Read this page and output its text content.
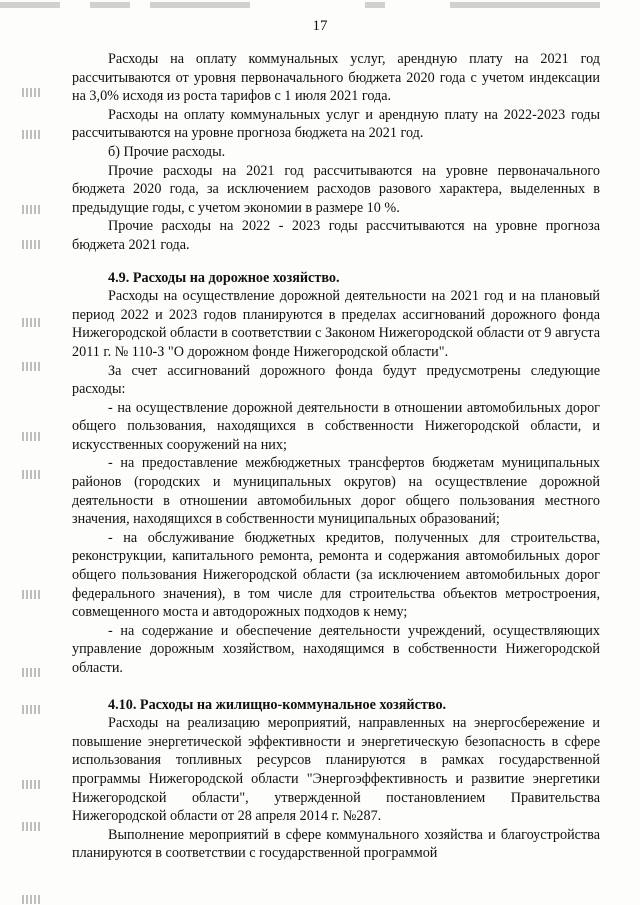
17

Расходы на оплату коммунальных услуг, арендную плату на 2021 год рассчитываются от уровня первоначального бюджета 2020 года с учетом индексации на 3,0% исходя из роста тарифов с 1 июля 2021 года.

Расходы на оплату коммунальных услуг и арендную плату на 2022-2023 годы рассчитываются на уровне прогноза бюджета на 2021 год.

б) Прочие расходы.

Прочие расходы на 2021 год рассчитываются на уровне первоначального бюджета 2020 года, за исключением расходов разового характера, выделенных в предыдущие годы, с учетом экономии в размере 10 %.

Прочие расходы на 2022 - 2023 годы рассчитываются на уровне прогноза бюджета 2021 года.

4.9. Расходы на дорожное хозяйство.

Расходы на осуществление дорожной деятельности на 2021 год и на плановый период 2022 и 2023 годов планируются в пределах ассигнований дорожного фонда Нижегородской области в соответствии с Законом Нижегородской области от 9 августа 2011 г. № 110-З "О дорожном фонде Нижегородской области".

За счет ассигнований дорожного фонда будут предусмотрены следующие расходы:

- на осуществление дорожной деятельности в отношении автомобильных дорог общего пользования, находящихся в собственности Нижегородской области, и искусственных сооружений на них;

- на предоставление межбюджетных трансфертов бюджетам муниципальных районов (городских и муниципальных округов) на осуществление дорожной деятельности в отношении автомобильных дорог общего пользования местного значения, находящихся в собственности муниципальных образований;

- на обслуживание бюджетных кредитов, полученных для строительства, реконструкции, капитального ремонта, ремонта и содержания автомобильных дорог общего пользования Нижегородской области (за исключением автомобильных дорог федерального значения), в том числе для строительства объектов метростроения, совмещенного моста и автодорожных подходов к нему;

- на содержание и обеспечение деятельности учреждений, осуществляющих управление дорожным хозяйством, находящимся в собственности Нижегородской области.

4.10. Расходы на жилищно-коммунальное хозяйство.

Расходы на реализацию мероприятий, направленных на энергосбережение и повышение энергетической эффективности и энергетическую безопасность в сфере использования топливных ресурсов планируются в рамках государственной программы Нижегородской области "Энергоэффективность и развитие энергетики Нижегородской области", утвержденной постановлением Правительства Нижегородской области от 28 апреля 2014 г. №287.

Выполнение мероприятий в сфере коммунального хозяйства и благоустройства планируются в соответствии с государственной программой
